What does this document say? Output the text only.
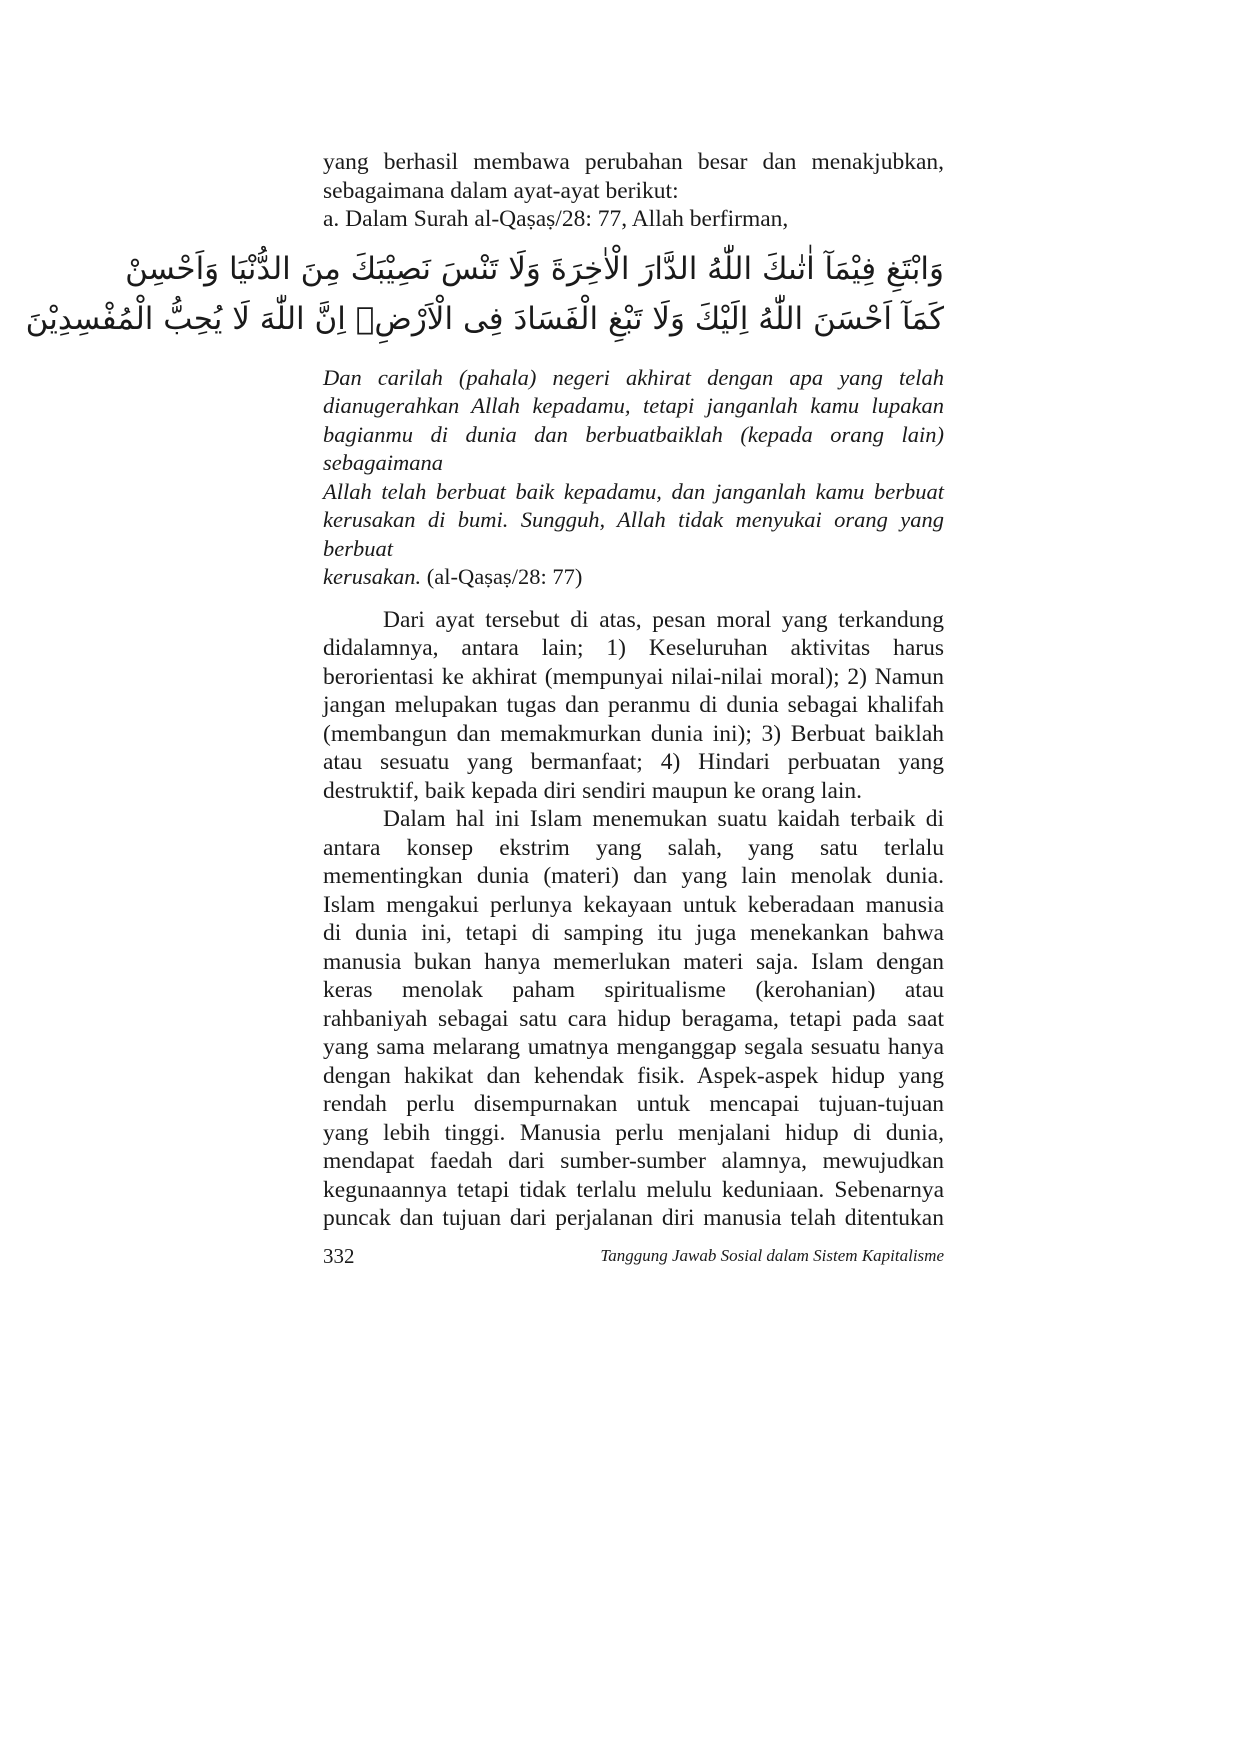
yang berhasil membawa perubahan besar dan menakjubkan,

sebagaimana dalam ayat-ayat berikut:

a. Dalam Surah al-Qaṣaṣ/28: 77, Allah berfirman,

وَابْتَغِ فِيْمَآ اٰتٰىكَ اللّٰهُ الدَّارَ الْاٰخِرَةَ وَلَا تَنْسَ نَصِيْبَكَ مِنَ الدُّنْيَا وَاَحْسِنْ
كَمَآ اَحْسَنَ اللّٰهُ اِلَيْكَ وَلَا تَبْغِ الْفَسَادَ فِى الْاَرْضِۗ اِنَّ اللّٰهَ لَا يُحِبُّ الْمُفْسِدِيْنَ

Dan carilah (pahala) negeri akhirat dengan apa yang telah

dianugerahkan Allah kepadamu, tetapi janganlah kamu lupakan

bagianmu di dunia dan berbuatbaiklah (kepada orang lain) sebagaimana

Allah telah berbuat baik kepadamu, dan janganlah kamu berbuat

kerusakan di bumi. Sungguh, Allah tidak menyukai orang yang berbuat

kerusakan. (al-Qaṣaṣ/28: 77)

Dari ayat tersebut di atas, pesan moral yang terkandung

didalamnya, antara lain; 1) Keseluruhan aktivitas harus

berorientasi ke akhirat (mempunyai nilai-nilai moral); 2) Namun

jangan melupakan tugas dan peranmu di dunia sebagai khalifah

(membangun dan memakmurkan dunia ini); 3) Berbuat baiklah

atau sesuatu yang bermanfaat; 4) Hindari perbuatan yang

destruktif, baik kepada diri sendiri maupun ke orang lain.

Dalam hal ini Islam menemukan suatu kaidah terbaik di

antara konsep ekstrim yang salah, yang satu terlalu

mementingkan dunia (materi) dan yang lain menolak dunia.

Islam mengakui perlunya kekayaan untuk keberadaan manusia

di dunia ini, tetapi di samping itu juga menekankan bahwa

manusia bukan hanya memerlukan materi saja. Islam dengan

keras menolak paham spiritualisme (kerohanian) atau

rahbaniyah sebagai satu cara hidup beragama, tetapi pada saat

yang sama melarang umatnya menganggap segala sesuatu hanya

dengan hakikat dan kehendak fisik. Aspek-aspek hidup yang

rendah perlu disempurnakan untuk mencapai tujuan-tujuan

yang lebih tinggi. Manusia perlu menjalani hidup di dunia,

mendapat faedah dari sumber-sumber alamnya, mewujudkan

kegunaannya tetapi tidak terlalu melulu keduniaan. Sebenarnya

puncak dan tujuan dari perjalanan diri manusia telah ditentukan

332	Tanggung Jawab Sosial dalam Sistem Kapitalisme
